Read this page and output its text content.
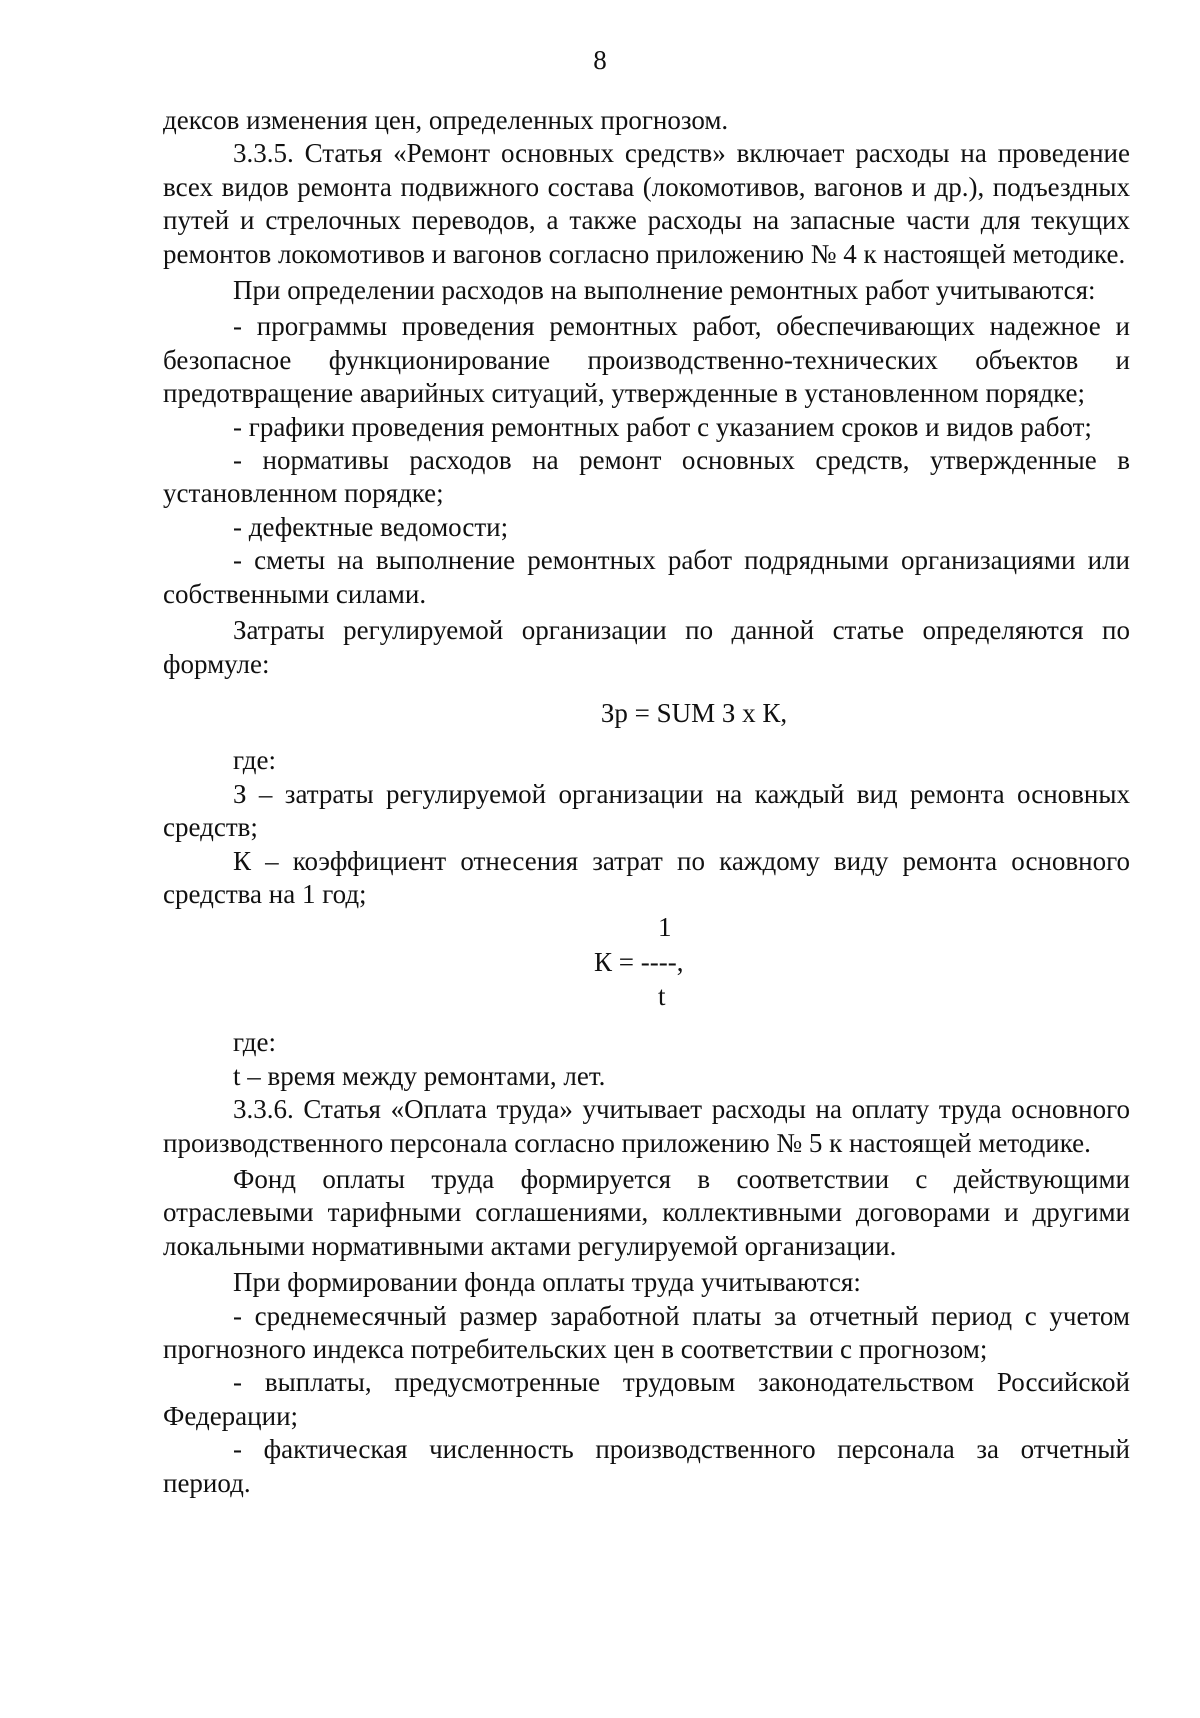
8

дексов изменения цен, определенных прогнозом.

3.3.5. Статья «Ремонт основных средств» включает расходы на проведение всех видов ремонта подвижного состава (локомотивов, вагонов и др.), подъездных путей и стрелочных переводов, а также расходы на запасные части для текущих ремонтов локомотивов и вагонов согласно приложению № 4 к настоящей методике.

При определении расходов на выполнение ремонтных работ учитываются:

- программы проведения ремонтных работ, обеспечивающих надежное и безопасное функционирование производственно-технических объектов и предотвращение аварийных ситуаций, утвержденные в установленном порядке;

- графики проведения ремонтных работ с указанием сроков и видов работ;

- нормативы расходов на ремонт основных средств, утвержденные в установленном порядке;

- дефектные ведомости;

- сметы на выполнение ремонтных работ подрядными организациями или собственными силами.

Затраты регулируемой организации по данной статье определяются по формуле:

Зр = SUM З х К,

где:

З – затраты регулируемой организации на каждый вид ремонта основных средств;

К – коэффициент отнесения затрат по каждому виду ремонта основного средства на 1 год;

1
К = ----,
t

где:

t – время между ремонтами, лет.

3.3.6. Статья «Оплата труда» учитывает расходы на оплату труда основного производственного персонала согласно приложению № 5 к настоящей методике.

Фонд оплаты труда формируется в соответствии с действующими отраслевыми тарифными соглашениями, коллективными договорами и другими локальными нормативными актами регулируемой организации.

При формировании фонда оплаты труда учитываются:

- среднемесячный размер заработной платы за отчетный период с учетом прогнозного индекса потребительских цен в соответствии с прогнозом;

- выплаты, предусмотренные трудовым законодательством Российской Федерации;

- фактическая численность производственного персонала за отчетный период.
